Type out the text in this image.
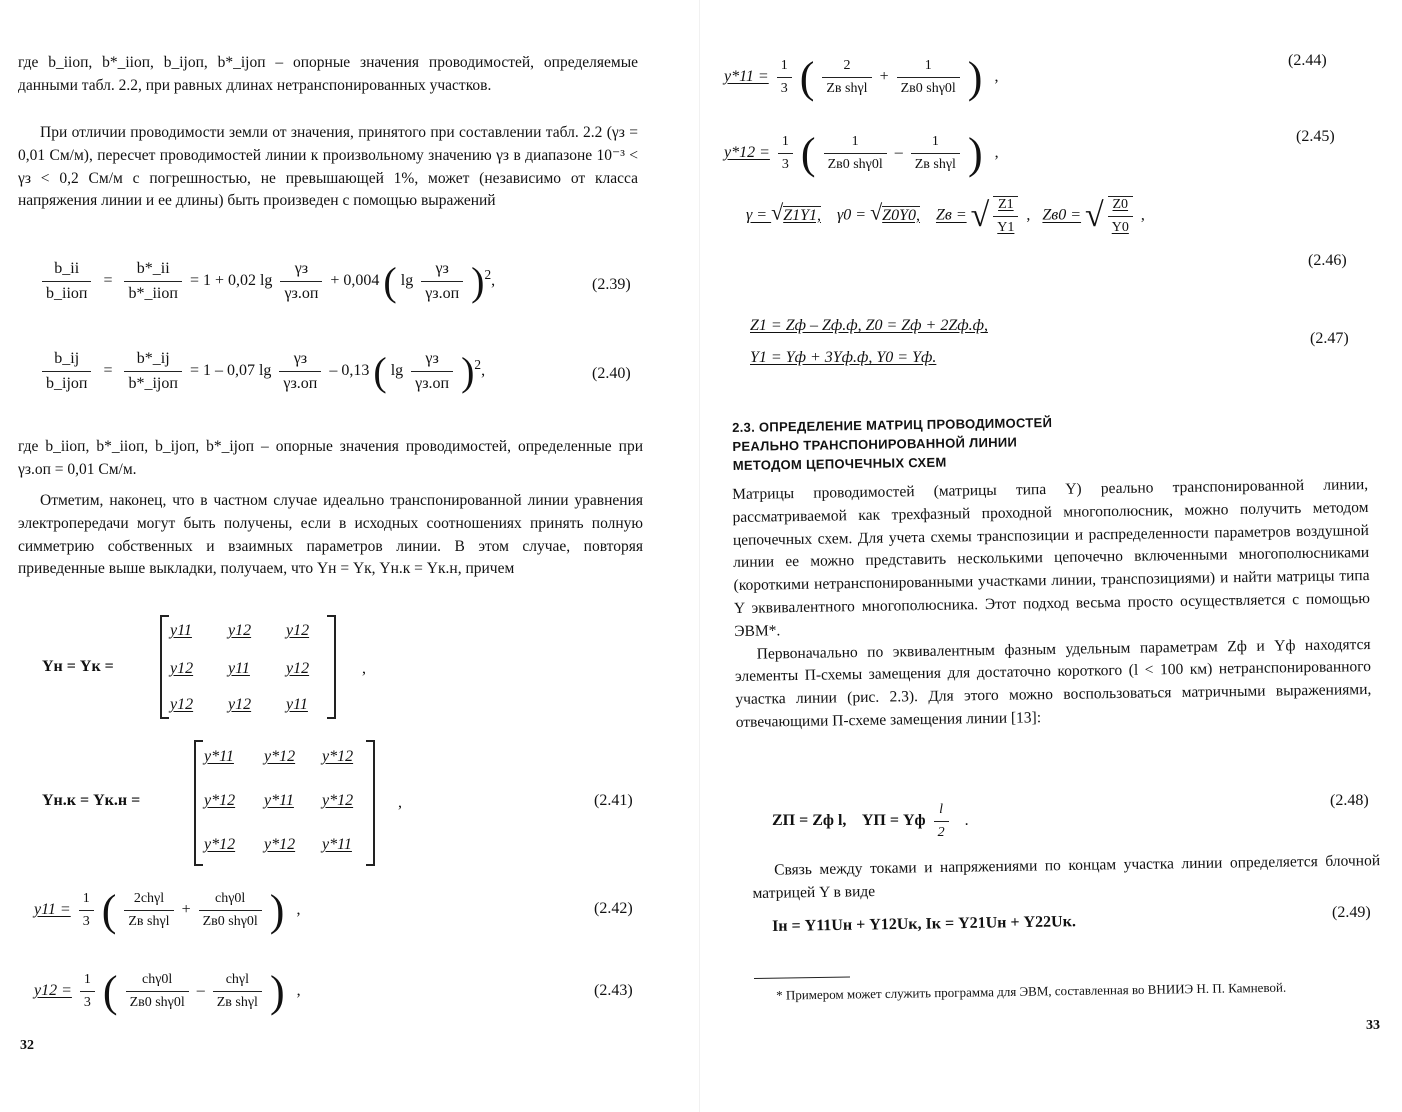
где b_iiоп, b*_iiоп, b_ijоп, b*_ijоп – опорные значения проводимостей, определяемые данными табл. 2.2, при равных длинах нетранспонированных участков.

При отличии проводимости земли от значения, принятого при составлении табл. 2.2 (γз = 0,01 См/м), пересчет проводимостей линии к произвольному значению γз в диапазоне 10⁻³ < γз < 0,2 См/м с погрешностью, не превышающей 1%, может (независимо от класса напряжения линии и ее длины) быть произведен с помощью выражений

$\frac{b\_ii}{\text{b\_iiоп}} = \frac{b*\_ii}{\text{b*\_iiоп}} = 1 + 0,02$ $\lg \frac{\gamma з}{\gamma з.оп} + 0,004$ ( $\lg \frac{\gamma з}{\gamma з.оп} )^2$,	(2.39)
$\frac{b\_ij}{\text{b\_ijоп}} = \frac{b*\_ij}{\text{b*\_ijоп}} = 1 - 0,07$ $\lg \frac{\gamma з}{\gamma з.оп} - 0,13$ ( $\lg \frac{\gamma з}{\gamma з.оп} )^2$,	(2.40)

где b_iiоп, b*_iiоп, b_ijоп, b*_ijоп – опорные значения проводимостей, определенные при γз.оп = 0,01 См/м.

Отметим, наконец, что в частном случае идеально транспонированной линии уравнения электропередачи могут быть получены, если в исходных соотношениях принять полную симметрию собственных и взаимных параметров линии. В этом случае, повторяя приведенные выше выкладки, получаем, что Yн = Yк, Yн.к = Yк.н, причем

Yн = Yк =
y11 y12 y12
y12 y11 y12
y12 y12 y11
,
Yн.к = Yк.н =
y*11 y*12 y*12
y*12 y*11 y*12
y*12 y*12 y*11
,	(2.41)
$y11 = \frac{1}{3}$ ( $\frac{\text{2chγl}}{\text{Zв shγl}} + \frac{\text{chγ0l}}{\text{Zв0 shγ0l}}$ )   ,	(2.42)
$y12 = \frac{1}{3}$ ( $\frac{\text{chγ0l}}{\text{Zв0 shγ0l}} - \frac{\text{chγl}}{\text{Zв shγl}}$ )   ,	(2.43)
32
$y*11 = \frac{1}{3}$ ( $\frac{2}{\text{Zв shγl}} + \frac{1}{\text{Zв0 shγ0l}}$ )   ,
(2.44)
$y*12 = \frac{1}{3}$ ( $\frac{1}{\text{Zв0 shγ0l}} - \frac{1}{\text{Zв shγl}}$ )   ,
(2.45)
γ = √Z1Y1, γ0 = √Z0Y0, Zв = √ $\frac{Z1}{Y1}$ , Zв0 = √ $\frac{Z0}{Y0}$ ,
(2.46)
Z1 = Zф – Zф.ф, Z0 = Zф + 2Zф.ф,
Y1 = Yф + 3Yф.ф, Y0 = Yф.
(2.47)
2.3. ОПРЕДЕЛЕНИЕ МАТРИЦ ПРОВОДИМОСТЕЙ
РЕАЛЬНО ТРАНСПОНИРОВАННОЙ ЛИНИИ
МЕТОДОМ ЦЕПОЧЕЧНЫХ СХЕМ

Матрицы проводимостей (матрицы типа Y) реально транспонированной линии, рассматриваемой как трехфазный проходной многополюсник, можно получить методом цепочечных схем. Для учета схемы транспозиции и распределенности параметров воздушной линии ее можно представить несколькими цепочечно включенными многополюсниками (короткими нетранспонированными участками линии, транспозициями) и найти матрицы типа Y эквивалентного многополюсника. Этот подход весьма просто осуществляется с помощью ЭВМ*.

Первоначально по эквивалентным фазным удельным параметрам Zф и Yф находятся элементы П-схемы замещения для достаточно короткого (l < 100 км) нетранспонированного участка линии (рис. 2.3). Для этого можно воспользоваться матричными выражениями, отвечающими П-схеме замещения линии [13]:

ZП = Zф l, YП = Yф $\frac{l}{2}$ .
(2.48)

Связь между токами и напряжениями по концам участка линии определяется блочной матрицей Y в виде

Iн = Y11Uн + Y12Uк, Iк = Y21Uн + Y22Uк.
(2.49)

* Примером может служить программа для ЭВМ, составленная во ВНИИЭ Н. П. Камневой.

33
